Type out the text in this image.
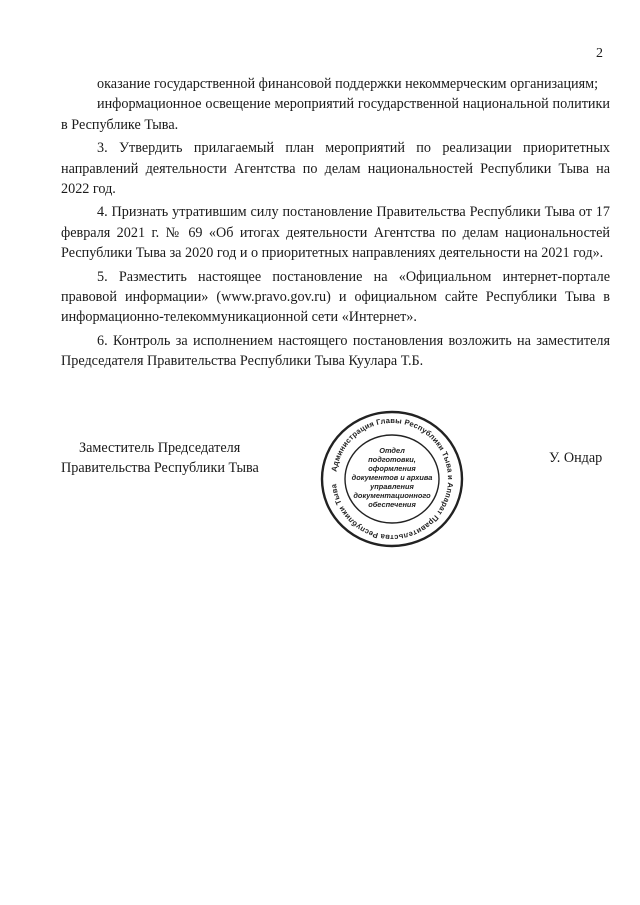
2

оказание государственной финансовой поддержки некоммерческим организациям;

информационное освещение мероприятий государственной национальной политики в Республике Тыва.

3. Утвердить прилагаемый план мероприятий по реализации приоритетных направлений деятельности Агентства по делам национальностей Республики Тыва на 2022 год.

4. Признать утратившим силу постановление Правительства Республики Тыва от 17 февраля 2021 г. № 69 «Об итогах деятельности Агентства по делам национальностей Республики Тыва за 2020 год и о приоритетных направлениях деятельности на 2021 год».

5. Разместить настоящее постановление на «Официальном интернет-портале правовой информации» (www.pravo.gov.ru) и официальном сайте Республики Тыва в информационно-телекоммуникационной сети «Интернет».

6. Контроль за исполнением настоящего постановления возложить на заместителя Председателя Правительства Республики Тыва Куулара Т.Б.

Заместитель Председателя
Правительства Республики Тыва	Администрация Главы Республики Тыва и Аппарат Правительства Республики Тыва
Отдел
подготовки,
оформления
документов и архива
управления
документационного
обеспечения
У. Ондар
